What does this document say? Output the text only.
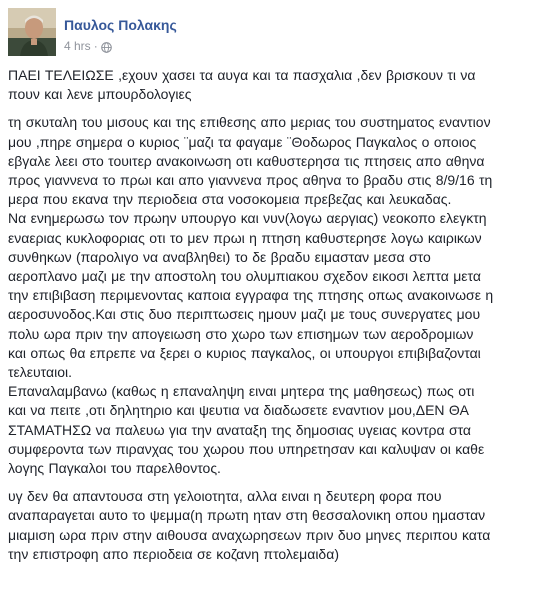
Παυλος Πολακης
4 hrs ·

ΠΑΕΙ ΤΕΛΕΙΩΣΕ ,εχουν χασει τα αυγα και τα πασχαλια ,δεν βρισκουν τι να
πουν και λενε μπουρδολογιες

τη σκυταλη του μισους και της επιθεσης απο μεριας του συστηματος εναντιον
μου ,πηρε σημερα ο κυριος ¨μαζι τα φαγαμε ¨Θοδωρος Παγκαλος ο οποιος
εβγαλε λεει στο τουιτερ ανακοινωση οτι καθυστερησα τις πτησεις απο αθηνα
προς γιαννενα το πρωι και απο γιαννενα προς αθηνα το βραδυ στις 8/9/16 τη
μερα που εκανα την περιοδεια στα νοσοκομεια πρεβεζας και λευκαδας.
Να ενημερωσω τον πρωην υπουργο και νυν(λογω αεργιας) νεοκοπο ελεγκτη
εναεριας κυκλοφοριας οτι το μεν πρωι η πτηση καθυστερησε λογω καιρικων
συνθηκων (παρολιγο να αναβληθει) το δε βραδυ ειμασταν μεσα στο
αεροπλανο μαζι με την αποστολη του ολυμπιακου σχεδον εικοσι λεπτα μετα
την επιβιβαση περιμενοντας καποια εγγραφα της πτησης οπως ανακοινωσε η
αεροσυνοδος.Και στις δυο περιπτωσεις ημουν μαζι με τους συνεργατες μου
πολυ ωρα πριν την απογειωση στο χωρο των επισημων των αεροδρομιων
και οπως θα επρεπε να ξερει ο κυριος παγκαλος, οι υπουργοι επιβιβαζονται
τελευταιοι.
Επαναλαμβανω (καθως η επαναληψη ειναι μητερα της μαθησεως) πως οτι
και να πειτε ,οτι δηλητηριο και ψευτια να διαδωσετε εναντιον μου,ΔΕΝ ΘΑ
ΣΤΑΜΑΤΗΣΩ να παλευω για την αναταξη της δημοσιας υγειας κοντρα στα
συμφεροντα των πιρανχας του χωρου που υπηρετησαν και καλυψαν οι καθε
λογης Παγκαλοι του παρελθοντος.

υγ δεν θα απαντουσα στη γελοιοτητα, αλλα ειναι η δευτερη φορα που
αναπαραγεται αυτο το ψεμμα(η πρωτη ηταν στη θεσσαλονικη οπου ημασταν
μιαμιση ωρα πριν στην αιθουσα αναχωρησεων πριν δυο μηνες περιπου κατα
την επιστροφη απο περιοδεια σε κοζανη πτολεμαιδα)
